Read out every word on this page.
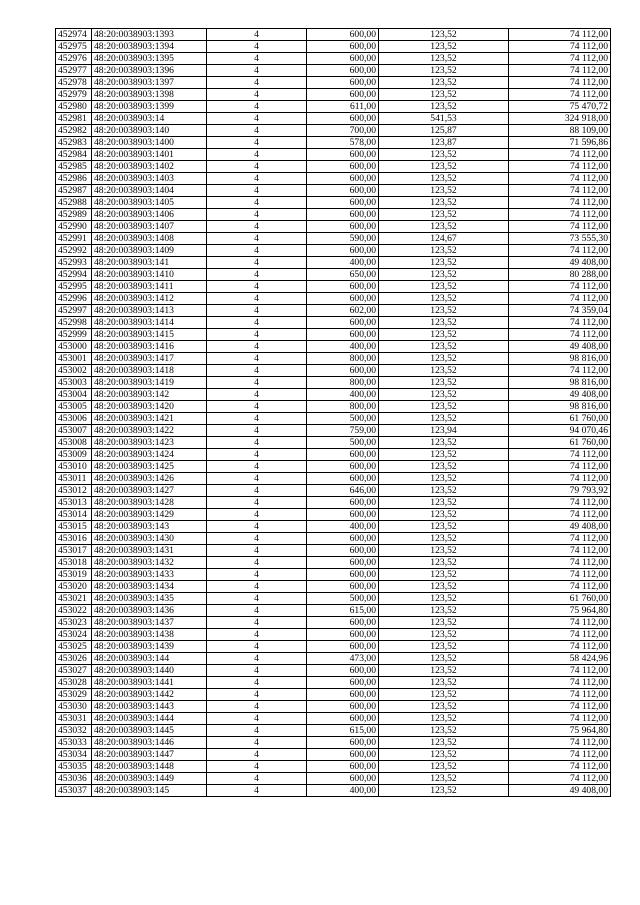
452974	48:20:0038903:1393	4	600,00	123,52	74 112,00
452975	48:20:0038903:1394	4	600,00	123,52	74 112,00
452976	48:20:0038903:1395	4	600,00	123,52	74 112,00
452977	48:20:0038903:1396	4	600,00	123,52	74 112,00
452978	48:20:0038903:1397	4	600,00	123,52	74 112,00
452979	48:20:0038903:1398	4	600,00	123,52	74 112,00
452980	48:20:0038903:1399	4	611,00	123,52	75 470,72
452981	48:20:0038903:14	4	600,00	541,53	324 918,00
452982	48:20:0038903:140	4	700,00	125,87	88 109,00
452983	48:20:0038903:1400	4	578,00	123,87	71 596,86
452984	48:20:0038903:1401	4	600,00	123,52	74 112,00
452985	48:20:0038903:1402	4	600,00	123,52	74 112,00
452986	48:20:0038903:1403	4	600,00	123,52	74 112,00
452987	48:20:0038903:1404	4	600,00	123,52	74 112,00
452988	48:20:0038903:1405	4	600,00	123,52	74 112,00
452989	48:20:0038903:1406	4	600,00	123,52	74 112,00
452990	48:20:0038903:1407	4	600,00	123,52	74 112,00
452991	48:20:0038903:1408	4	590,00	124,67	73 555,30
452992	48:20:0038903:1409	4	600,00	123,52	74 112,00
452993	48:20:0038903:141	4	400,00	123,52	49 408,00
452994	48:20:0038903:1410	4	650,00	123,52	80 288,00
452995	48:20:0038903:1411	4	600,00	123,52	74 112,00
452996	48:20:0038903:1412	4	600,00	123,52	74 112,00
452997	48:20:0038903:1413	4	602,00	123,52	74 359,04
452998	48:20:0038903:1414	4	600,00	123,52	74 112,00
452999	48:20:0038903:1415	4	600,00	123,52	74 112,00
453000	48:20:0038903:1416	4	400,00	123,52	49 408,00
453001	48:20:0038903:1417	4	800,00	123,52	98 816,00
453002	48:20:0038903:1418	4	600,00	123,52	74 112,00
453003	48:20:0038903:1419	4	800,00	123,52	98 816,00
453004	48:20:0038903:142	4	400,00	123,52	49 408,00
453005	48:20:0038903:1420	4	800,00	123,52	98 816,00
453006	48:20:0038903:1421	4	500,00	123,52	61 760,00
453007	48:20:0038903:1422	4	759,00	123,94	94 070,46
453008	48:20:0038903:1423	4	500,00	123,52	61 760,00
453009	48:20:0038903:1424	4	600,00	123,52	74 112,00
453010	48:20:0038903:1425	4	600,00	123,52	74 112,00
453011	48:20:0038903:1426	4	600,00	123,52	74 112,00
453012	48:20:0038903:1427	4	646,00	123,52	79 793,92
453013	48:20:0038903:1428	4	600,00	123,52	74 112,00
453014	48:20:0038903:1429	4	600,00	123,52	74 112,00
453015	48:20:0038903:143	4	400,00	123,52	49 408,00
453016	48:20:0038903:1430	4	600,00	123,52	74 112,00
453017	48:20:0038903:1431	4	600,00	123,52	74 112,00
453018	48:20:0038903:1432	4	600,00	123,52	74 112,00
453019	48:20:0038903:1433	4	600,00	123,52	74 112,00
453020	48:20:0038903:1434	4	600,00	123,52	74 112,00
453021	48:20:0038903:1435	4	500,00	123,52	61 760,00
453022	48:20:0038903:1436	4	615,00	123,52	75 964,80
453023	48:20:0038903:1437	4	600,00	123,52	74 112,00
453024	48:20:0038903:1438	4	600,00	123,52	74 112,00
453025	48:20:0038903:1439	4	600,00	123,52	74 112,00
453026	48:20:0038903:144	4	473,00	123,52	58 424,96
453027	48:20:0038903:1440	4	600,00	123,52	74 112,00
453028	48:20:0038903:1441	4	600,00	123,52	74 112,00
453029	48:20:0038903:1442	4	600,00	123,52	74 112,00
453030	48:20:0038903:1443	4	600,00	123,52	74 112,00
453031	48:20:0038903:1444	4	600,00	123,52	74 112,00
453032	48:20:0038903:1445	4	615,00	123,52	75 964,80
453033	48:20:0038903:1446	4	600,00	123,52	74 112,00
453034	48:20:0038903:1447	4	600,00	123,52	74 112,00
453035	48:20:0038903:1448	4	600,00	123,52	74 112,00
453036	48:20:0038903:1449	4	600,00	123,52	74 112,00
453037	48:20:0038903:145	4	400,00	123,52	49 408,00
